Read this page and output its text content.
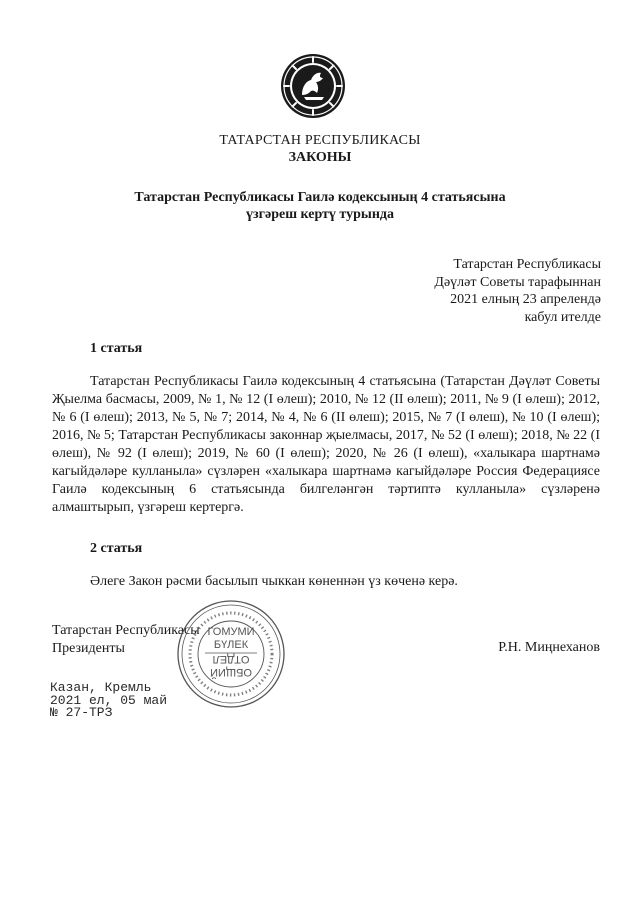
ТАТАРСТАН РЕСПУБЛИКАСЫ
ЗАКОНЫ
Татарстан Республикасы Гаилә кодексының 4 статьясына
үзгәреш кертү турында
Татарстан Республикасы
Дәүләт Советы тарафыннан
2021 елның 23 апрелендә
кабул ителде
1 статья
Татарстан Республикасы Гаилә кодексының 4 статьясына (Татарстан Дәүләт Советы Җыелма басмасы, 2009, № 1, № 12 (I өлеш); 2010, № 12 (II өлеш); 2011, № 9 (I өлеш); 2012, № 6 (I өлеш); 2013, № 5, № 7; 2014, № 4, № 6 (II өлеш); 2015, № 7 (I өлеш), № 10 (I өлеш); 2016, № 5; Татарстан Республикасы законнар җыелмасы, 2017, № 52 (I өлеш); 2018, № 22 (I өлеш), № 92 (I өлеш); 2019, № 60 (I өлеш); 2020, № 26 (I өлеш), «халыкара шартнамә кагыйдәләре кулланыла» сүзләрен «халыкара шартнамә кагыйдәләре Россия Федерациясе Гаилә кодексының 6 статьясында билгеләнгән тәртиптә кулланыла» сүзләренә алмаштырып, үзгәреш кертергә.
2 статья
Әлеге Закон рәсми басылып чыккан көненнән үз көченә керә.
Татарстан Республикасы
Президенты	Р.Н. Миңнеханов
Казан, Кремль
2021 ел, 05 май
№ 27-ТРЗ
ГОМУМИ
БҮЛЕК
ОТДЕЛ
ОБЩИЙ
